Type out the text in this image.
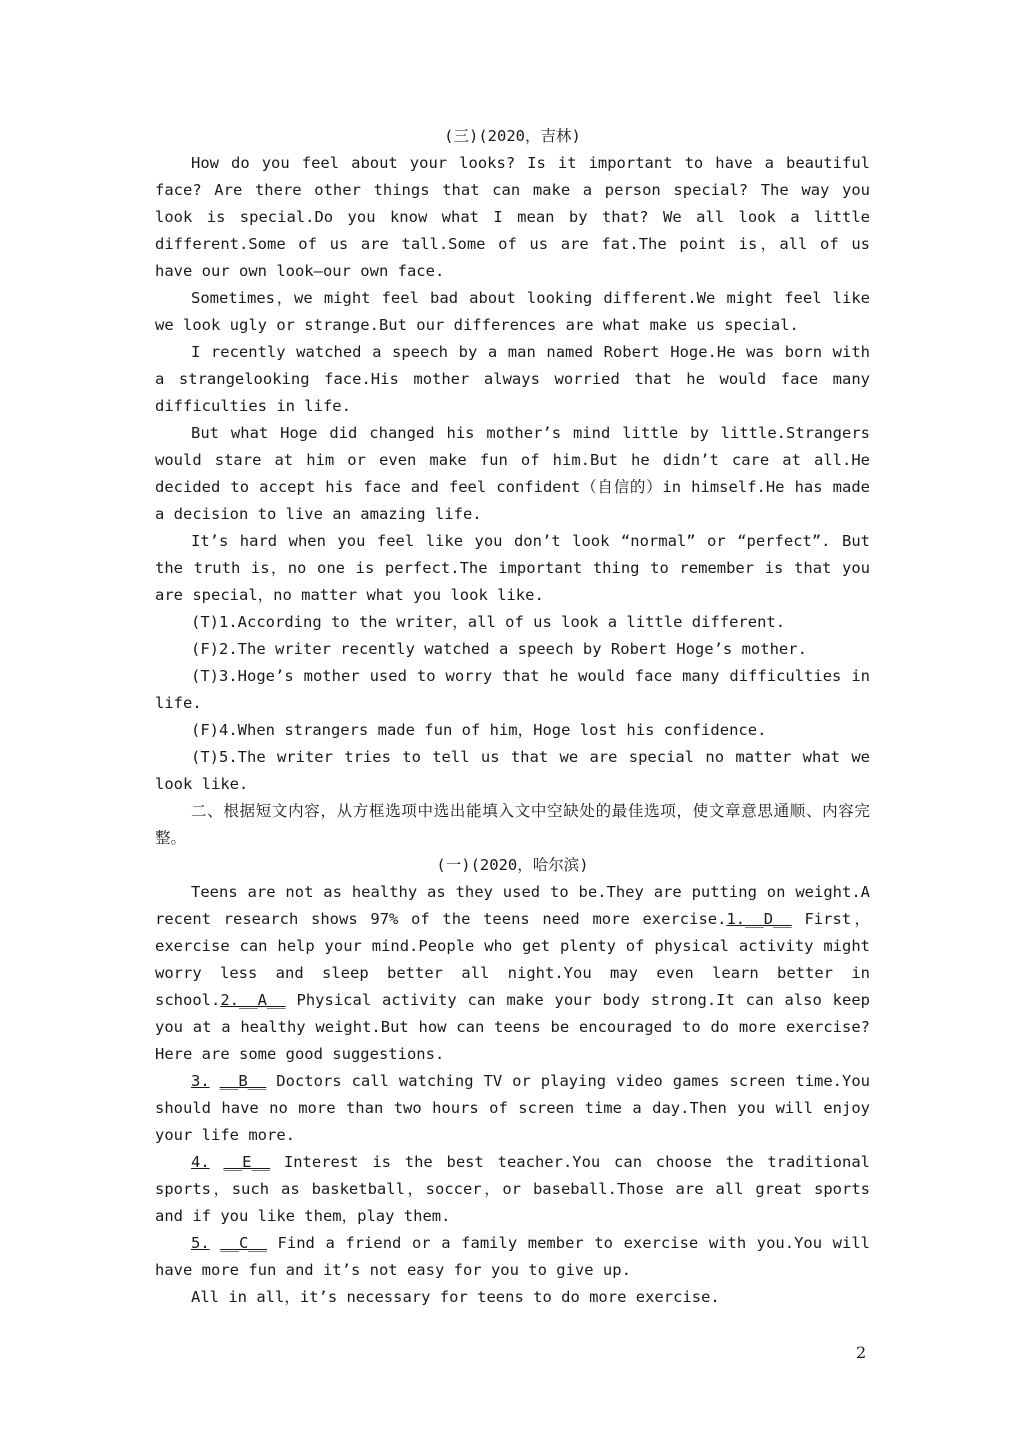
(三)(2020，吉林)

How do you feel about your looks? Is it important to have a beautiful face? Are there other things that can make a person special? The way you look is special.Do you know what I mean by that? We all look a little different.Some of us are tall.Some of us are fat.The point is，all of us have our own look—our own face.

Sometimes，we might feel bad about looking different.We might feel like we look ugly or strange.But our differences are what make us special.

I recently watched a speech by a man named Robert Hoge.He was born with a strangelooking face.His mother always worried that he would face many difficulties in life.

But what Hoge did changed his mother’s mind little by little.Strangers would stare at him or even make fun of him.But he didn’t care at all.He decided to accept his face and feel confident（自信的）in himself.He has made a decision to live an amazing life.

It’s hard when you feel like you don’t look “normal” or “perfect”. But the truth is，no one is perfect.The important thing to remember is that you are special，no matter what you look like.

(T)1.According to the writer，all of us look a little different.

(F)2.The writer recently watched a speech by Robert Hoge’s mother.

(T)3.Hoge’s mother used to worry that he would face many difficulties in life.

(F)4.When strangers made fun of him，Hoge lost his confidence.

(T)5.The writer tries to tell us that we are special no matter what we look like.

二、根据短文内容，从方框选项中选出能填入文中空缺处的最佳选项，使文章意思通顺、内容完整。

(一)(2020，哈尔滨)

Teens are not as healthy as they used to be.They are putting on weight.A recent research shows 97% of the teens need more exercise.1.__D__ First，exercise can help your mind.People who get plenty of physical activity might worry less and sleep better all night.You may even learn better in school.2.__A__ Physical activity can make your body strong.It can also keep you at a healthy weight.But how can teens be encouraged to do more exercise? Here are some good suggestions.

3. __B__ Doctors call watching TV or playing video games screen time.You should have no more than two hours of screen time a day.Then you will enjoy your life more.

4. __E__ Interest is the best teacher.You can choose the traditional sports，such as basketball，soccer，or baseball.Those are all great sports and if you like them，play them.

5. __C__ Find a friend or a family member to exercise with you.You will have more fun and it’s not easy for you to give up.

All in all，it’s necessary for teens to do more exercise.

2
